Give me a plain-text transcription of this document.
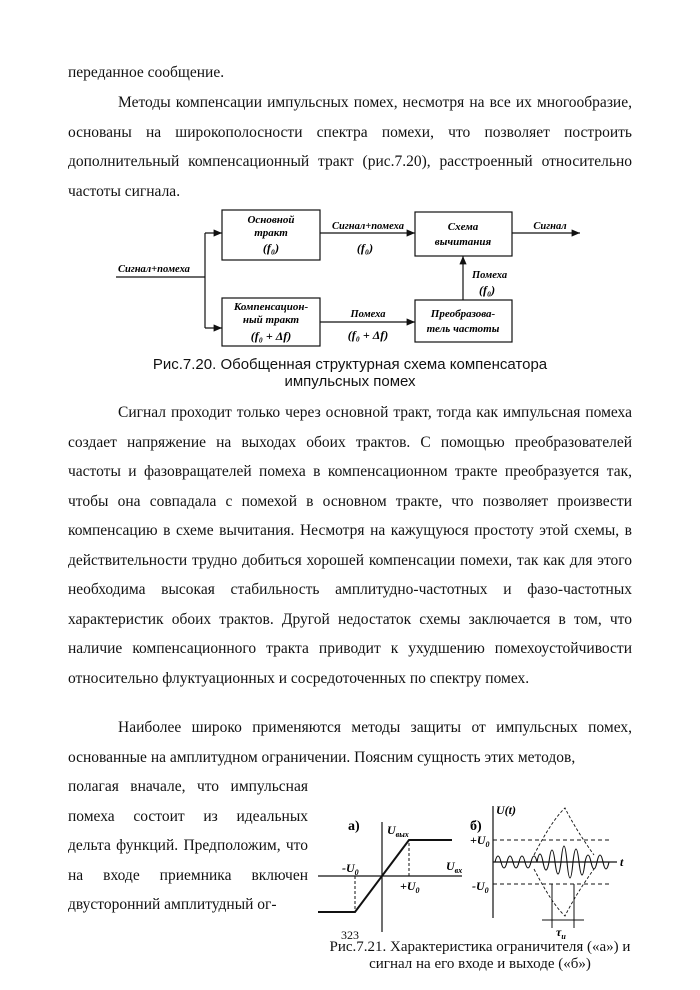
переданное сообщение.

Методы компенсации импульсных помех, несмотря на все их многообразие, основаны на широкополосности спектра помехи, что позволяет построить дополнительный компенсационный тракт (рис.7.20), расстроенный относительно частоты сигнала.

Сигнал+помеха
Основной
тракт
(f₀)
Сигнал+помеха
(f₀)
Схема
вычитания
Сигнал
Компенсацион-
ный тракт
(f₀ + Δf)
Помеха
(f₀ + Δf)
Преобразова-
тель частоты
Помеха
(f₀)
Рис.7.20. Обобщенная структурная схема компенсатора
импульсных помех

Сигнал проходит только через основной тракт, тогда как импульсная помеха создает напряжение на выходах обоих трактов. С помощью преобразователей частоты и фазовращателей помеха в компенсационном тракте преобразуется так, чтобы она совпадала с помехой в основном тракте, что позволяет произвести компенсацию в схеме вычитания. Несмотря на кажущуюся простоту этой схемы, в действительности трудно добиться хорошей компенсации помехи, так как для этого необходима высокая стабильность амплитудно-частотных и фазо-частотных характеристик обоих трактов. Другой недостаток схемы заключается в том, что наличие компенсационного тракта приводит к ухудшению помехоустойчивости относительно флуктуационных и сосредоточенных по спектру помех.

Наиболее широко применяются методы защиты от импульсных помех, основанные на амплитудном ограничении. Поясним сущность этих методов,

полагая вначале, что импульсная помеха состоит из идеальных дельта функций. Предположим, что на входе приемника включен двусторонний амплитудный ог-

а) $U_{вых}$
$U_{вх}$
$-U_0$
$+U_0$
б)
U(t)
t
$+U_0$
$-U_0$
$\tau_и$
323
Рис.7.21. Характеристика ограничителя («а») и
сигнал на его входе и выходе («б»)
